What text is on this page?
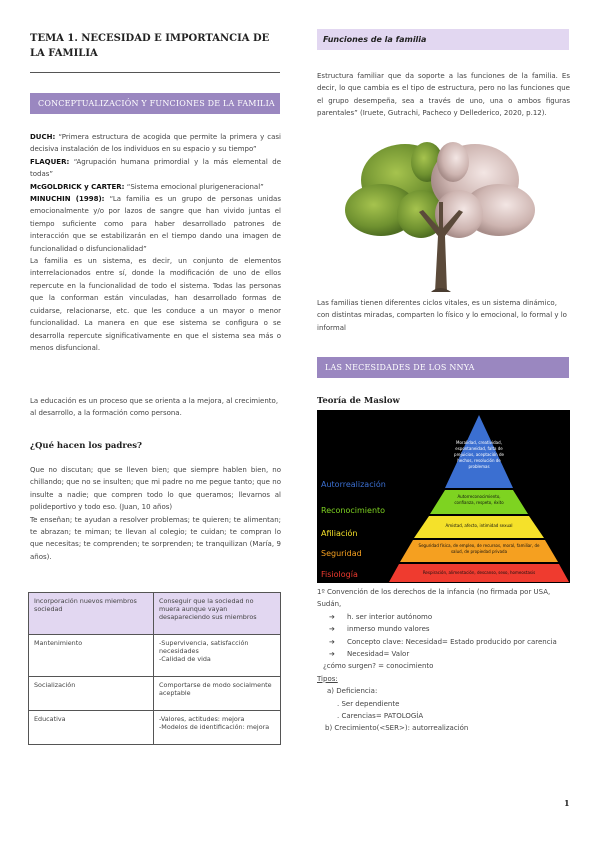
TEMA 1. NECESIDAD E IMPORTANCIA DE LA FAMILIA
CONCEPTUALIZACIÓN Y FUNCIONES DE LA FAMILIA
DUCH: “Primera estructura de acogida que permite la primera y casi decisiva instalación de los individuos en su espacio y su tiempo”
FLAQUER: “Agrupación humana primordial y la más elemental de todas”
McGOLDRICK y CARTER: “Sistema emocional plurigeneracional”
MINUCHIN (1998): “La familia es un grupo de personas unidas emocionalmente y/o por lazos de sangre que han vivido juntas el tiempo suficiente como para haber desarrollado patrones de interacción que se estabilizarán en el tiempo dando una imagen de funcionalidad o disfuncionalidad”
La familia es un sistema, es decir, un conjunto de elementos interrelacionados entre sí, donde la modificación de uno de ellos repercute en la funcionalidad de todo el sistema. Todas las personas que la conforman están vinculadas, han desarrollado formas de cuidarse, relacionarse, etc. que les conduce a un mayor o menor funcionalidad. La manera en que ese sistema se configura o se desarrolla repercute significativamente en que el sistema sea más o menos disfuncional.
La educación es un proceso que se orienta a la mejora, al crecimiento, al desarrollo, a la formación como persona.
¿Qué hacen los padres?
Que no discutan; que se lleven bien; que siempre hablen bien, no chillando; que no se insulten; que mi padre no me pegue tanto; que no insulte a nadie; que compren todo lo que queramos; llevarnos al polideportivo y todo eso. (Juan, 10 años)
Te enseñan; te ayudan a resolver problemas; te quieren; te alimentan; te abrazan; te miman; te llevan al colegio; te cuidan; te compran lo que necesitas; te comprenden; te sorprenden; te tranquilizan (María, 9 años).
Incorporación nuevos miembros sociedad	Conseguir que la sociedad no muera aunque vayan desapareciendo sus miembros
Mantenimiento	-Supervivencia, satisfacción necesidades
-Calidad de vida
Socialización	Comportarse de modo socialmente aceptable
Educativa	-Valores, actitudes: mejora
-Modelos de identificación: mejora
Funciones de la familia
Estructura familiar que da soporte a las funciones de la familia. Es decir, lo que cambia es el tipo de estructura, pero no las funciones que el grupo desempeña, sea a través de uno, una o ambos figuras parentales” (Iruete, Gutrachi, Pacheco y Dellederico, 2020, p.12).
Dice
Las familias tienen diferentes ciclos vitales, es un sistema dinámico, con distintas miradas, comparten lo físico y lo emocional, lo formal y lo informal
LAS NECESIDADES DE LOS NNYA
Teoría de Maslow
Moralidad, creatividad, espontaneidad, falta de prejuicios, aceptación de hechos, resolución de problemas
Autorreconocimiento, confianza, respeto, éxito
Amistad, afecto, intimidad sexual
Seguridad física, de empleo, de recursos, moral, familiar, de salud, de propiedad privada
Respiración, alimentación, descanso, sexo, homeostasis
Autorrealización
Reconocimiento
Afiliación
Seguridad
Fisiología
1º Convención de los derechos de la infancia (no firmada por USA, Sudán,
➔ h. ser interior autónomo
➔ inmerso mundo valores
➔ Concepto clave: Necesidad= Estado producido por carencia
➔ Necesidad= Valor
¿cómo surgen? = conocimiento
Tipos:
a) Deficiencia:
. Ser dependiente
. Carencias= PATOLOGÍA
b) Crecimiento(<SER>): autorrealización
1
